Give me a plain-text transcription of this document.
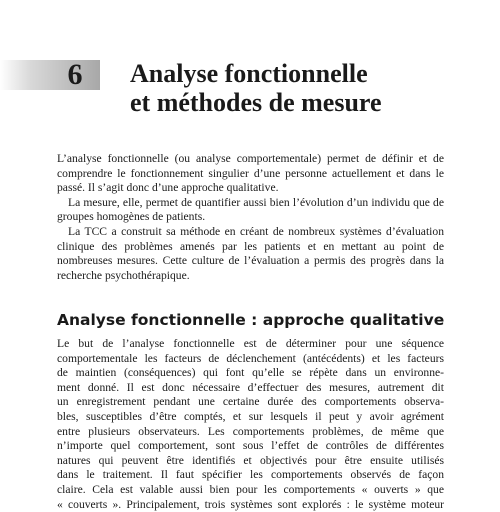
6 Analyse fonctionnelle
et méthodes de mesure

L’analyse fonctionnelle (ou analyse comportementale) permet de définir et de comprendre le fonctionnement singulier d’une personne actuellement et dans le passé. Il s’agit donc d’une approche qualitative.

La mesure, elle, permet de quantifier aussi bien l’évolution d’un individu que de groupes homogènes de patients.

La TCC a construit sa méthode en créant de nombreux systèmes d’évaluation clinique des problèmes amenés par les patients et en mettant au point de nombreuses mesures. Cette culture de l’évaluation a permis des progrès dans la recherche psychothérapique.

Analyse fonctionnelle : approche qualitative
Le but de l’analyse fonctionnelle est de déterminer pour une séquence
comportementale les facteurs de déclenchement (antécédents) et les facteurs
de maintien (conséquences) qui font qu’elle se répète dans un environne-
ment donné. Il est donc nécessaire d’effectuer des mesures, autrement dit
un enregistrement pendant une certaine durée des comportements observa-
bles, susceptibles d’être comptés, et sur lesquels il peut y avoir agrément
entre plusieurs observateurs. Les comportements problèmes, de même que
n’importe quel comportement, sont sous l’effet de contrôles de différentes
natures qui peuvent être identifiés et objectivés pour être ensuite utilisés
dans le traitement. Il faut spécifier les comportements observés de façon
claire. Cela est valable aussi bien pour les comportements « ouverts » que
« couverts ». Principalement, trois systèmes sont explorés : le système moteur
